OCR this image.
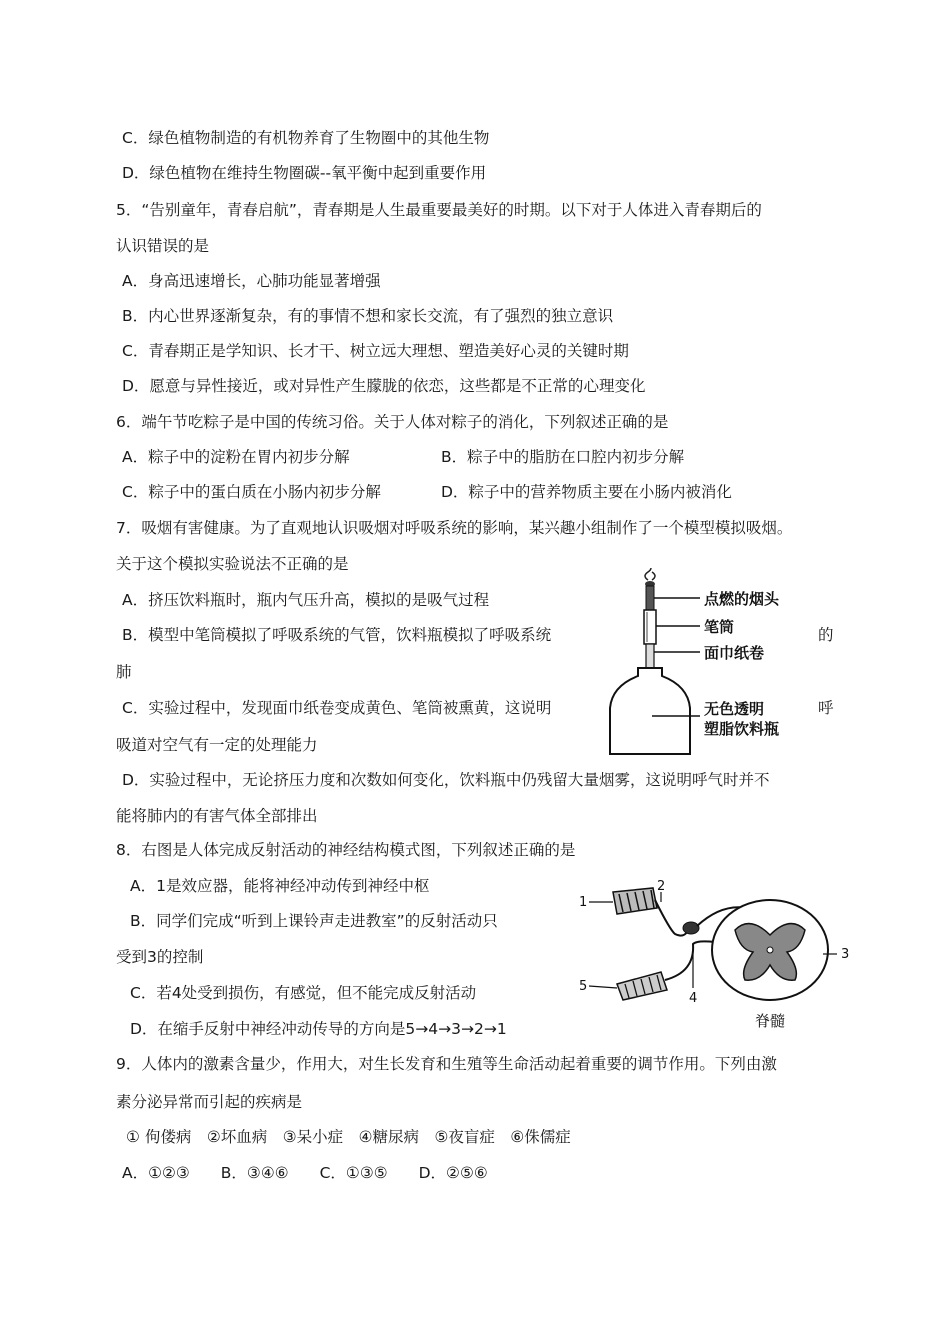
C．绿色植物制造的有机物养育了生物圈中的其他生物
D．绿色植物在维持生物圈碳--氧平衡中起到重要作用
5．“告别童年，青春启航”，青春期是人生最重要最美好的时期。以下对于人体进入青春期后的
认识错误的是
A．身高迅速增长，心肺功能显著增强
B．内心世界逐渐复杂，有的事情不想和家长交流，有了强烈的独立意识
C．青春期正是学知识、长才干、树立远大理想、塑造美好心灵的关键时期
D．愿意与异性接近，或对异性产生朦胧的依恋，这些都是不正常的心理变化
6．端午节吃粽子是中国的传统习俗。关于人体对粽子的消化，下列叙述正确的是
A．粽子中的淀粉在胃内初步分解	B．粽子中的脂肪在口腔内初步分解
C．粽子中的蛋白质在小肠内初步分解	D．粽子中的营养物质主要在小肠内被消化
7．吸烟有害健康。为了直观地认识吸烟对呼吸系统的影响，某兴趣小组制作了一个模型模拟吸烟。
关于这个模拟实验说法不正确的是
A．挤压饮料瓶时，瓶内气压升高，模拟的是吸气过程
B．模型中笔筒模拟了呼吸系统的气管，饮料瓶模拟了呼吸系统	的
肺
C．实验过程中，发现面巾纸卷变成黄色、笔筒被熏黄，这说明	呼
吸道对空气有一定的处理能力
D．实验过程中，无论挤压力度和次数如何变化，饮料瓶中仍残留大量烟雾，这说明呼气时并不
能将肺内的有害气体全部排出
点燃的烟头
笔筒
面巾纸卷
无色透明
塑脂饮料瓶
8．右图是人体完成反射活动的神经结构模式图，下列叙述正确的是
A．1是效应器，能将神经冲动传到神经中枢
B．同学们完成“听到上课铃声走进教室”的反射活动只
受到3的控制
C．若4处受到损伤，有感觉，但不能完成反射活动
D．在缩手反射中神经冲动传导的方向是5→4→3→2→1
1
2
3
4
5
脊髓
9．人体内的激素含量少，作用大，对生长发育和生殖等生命活动起着重要的调节作用。下列由激
素分泌异常而引起的疾病是
① 佝偻病　②坏血病　③呆小症　④糖尿病　⑤夜盲症　⑥侏儒症
A．①②③　　B．③④⑥　　C．①③⑤　　D．②⑤⑥
